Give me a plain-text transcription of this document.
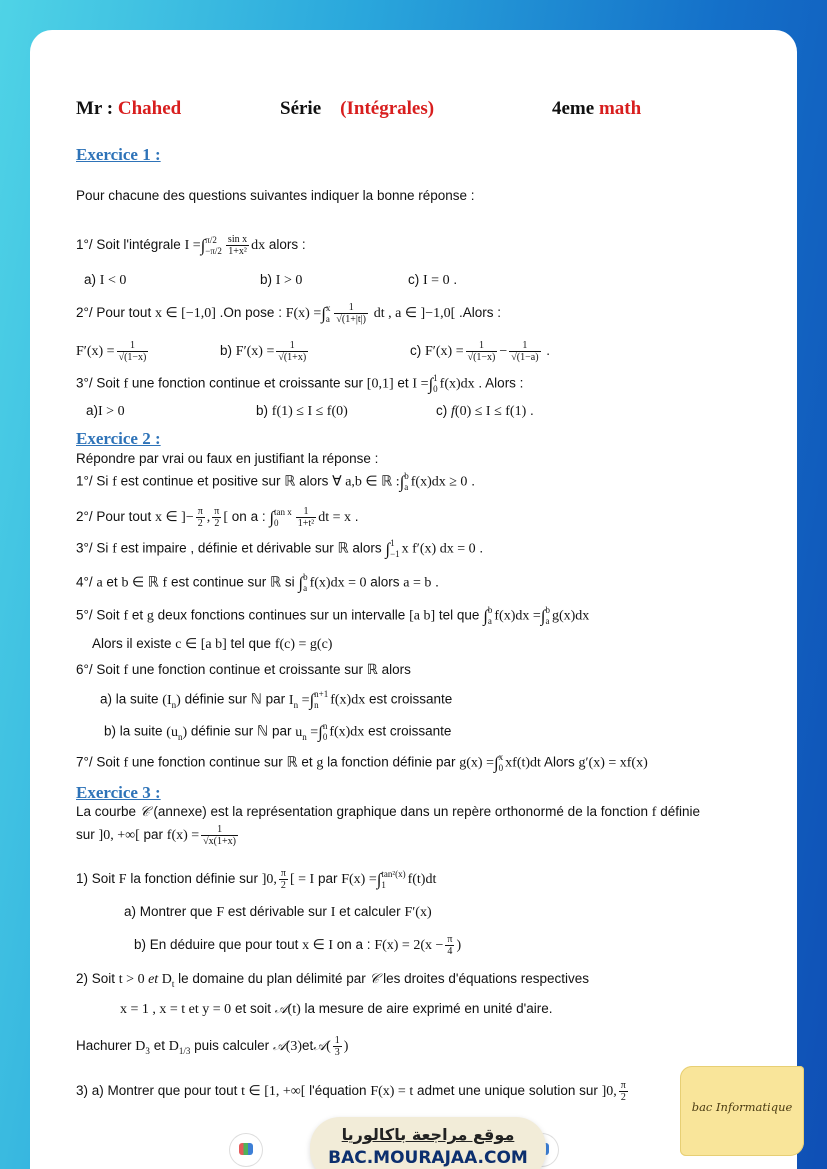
Mr : Chahed	Série (Intégrales)	4eme math
Exercice 1 :
Pour chacune des questions suivantes indiquer la bonne réponse :
1°/ Soit l'intégrale I =∫ π/2
$-\pi/2 \frac{\text{sin x}}{\text{1+x²}}$ dx alors :
a) I < 0	b) I > 0	c) I = 0 .
2°/ Pour tout x ∈ [−1,0] .On pose : F(x) =∫ x
a $\frac{1}{√(1+|t|)}$ dt , a ∈ ]−1,0[ .Alors :
$F'(x) = \frac{1}{√(1-x)}$	b) $F'(x) = \frac{1}{√(1+x)}$	c) $F'(x) = \frac{1}{√(1-x)} - \frac{1}{√(1-a)}$ .
3°/ Soit f une fonction continue et croissante sur [0,1] et I =∫ 1
0 f(x)dx . Alors :
a)I > 0	b) f(1) ≤ I ≤ f(0)	c) f(0) ≤ I ≤ f(1) .
Exercice 2 :
Répondre par vrai ou faux en justifiant la réponse :
1°/ Si f est continue et positive sur ℝ alors ∀ a,b ∈ ℝ :∫ b
a f(x)dx ≥ 0 .
2°/ Pour tout x ∈ ]− $\frac{\pi}{2}$ , $\frac{\pi}{2}$ [ on a : ∫ tan x
0	$\frac{1}{\text{1+t²}}$ dt = x .
3°/ Si f est impaire , définie et dérivable sur ℝ alors ∫ 1
−1 x f′(x) dx = 0 .
4°/ a et b ∈ ℝ f est continue sur ℝ si ∫ b
a f(x)dx = 0 alors a = b .
5°/ Soit f et g deux fonctions continues sur un intervalle [a b] tel que ∫ b
a f(x)dx =∫ b
a g(x)dx
Alors il existe c ∈ [a b] tel que f(c) = g(c)
6°/ Soit f une fonction continue et croissante sur ℝ alors
a) la suite $(I_n)$ définie sur ℕ par $I_n$ =∫ n+1
n f(x)dx est croissante
b) la suite $(u_n)$ définie sur ℕ par $u_n$ =∫ n
0 f(x)dx est croissante
7°/ Soit f une fonction continue sur ℝ et g la fonction définie par g(x) =∫ x
0 xf(t)dt Alors g′(x) = xf(x)
Exercice 3 :
La courbe 𝒞 (annexe) est la représentation graphique dans un repère orthonormé de la fonction f définie
sur ]0, +∞[ par $f(x) = \frac{1}{√x(1+x)}$
1) Soit F la fonction définie sur ]0, $\frac{\pi}{2}$ [ = I par F(x) =∫ tan²(x)
1	f(t)dt
a) Montrer que F est dérivable sur I et calculer F′(x)
b) En déduire que pour tout x ∈ I on a : $F(x) = 2(x - \frac{\pi}{4}$ )
2) Soit t > 0 et $D_t$ le domaine du plan délimité par 𝒞 les droites d'équations respectives
x = 1 , x = t et y = 0 et soit 𝒜(t) la mesure de aire exprimé en unité d'aire.
Hachurer $D_3$ et $D_{1/3}$ puis calculer 𝒜(3)et𝒜( $\frac{1}{3}$ )
3) a) Montrer que pour tout t ∈ [1, +∞[ l'équation F(x) = t admet une unique solution sur ]0, $\frac{\pi}{2}$
موقع مراجعة باكالوريا
BAC.MOURAJAA.COM
bac Informatique
